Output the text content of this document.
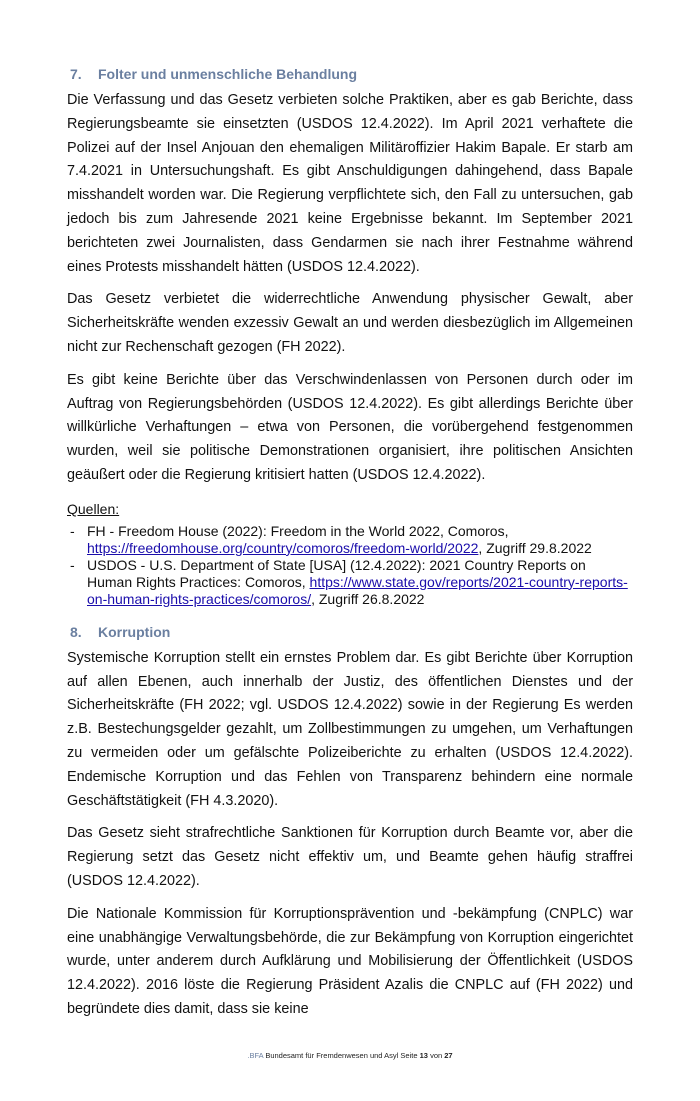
7. Folter und unmenschliche Behandlung

Die Verfassung und das Gesetz verbieten solche Praktiken, aber es gab Berichte, dass Regierungsbeamte sie einsetzten (USDOS 12.4.2022). Im April 2021 verhaftete die Polizei auf der Insel Anjouan den ehemaligen Militäroffizier Hakim Bapale. Er starb am 7.4.2021 in Untersuchungshaft. Es gibt Anschuldigungen dahingehend, dass Bapale misshandelt worden war. Die Regierung verpflichtete sich, den Fall zu untersuchen, gab jedoch bis zum Jahresende 2021 keine Ergebnisse bekannt. Im September 2021 berichteten zwei Journalisten, dass Gendarmen sie nach ihrer Festnahme während eines Protests misshandelt hätten (USDOS 12.4.2022).

Das Gesetz verbietet die widerrechtliche Anwendung physischer Gewalt, aber Sicherheitskräfte wenden exzessiv Gewalt an und werden diesbezüglich im Allgemeinen nicht zur Rechenschaft gezogen (FH 2022).

Es gibt keine Berichte über das Verschwindenlassen von Personen durch oder im Auftrag von Regierungsbehörden (USDOS 12.4.2022). Es gibt allerdings Berichte über willkürliche Verhaftungen – etwa von Personen, die vorübergehend festgenommen wurden, weil sie politische Demonstrationen organisiert, ihre politischen Ansichten geäußert oder die Regierung kritisiert hatten (USDOS 12.4.2022).

Quellen:
- FH - Freedom House (2022): Freedom in the World 2022, Comoros, https://freedomhouse.org/country/comoros/freedom-world/2022, Zugriff 29.8.2022
- USDOS - U.S. Department of State [USA] (12.4.2022): 2021 Country Reports on Human Rights Practices: Comoros, https://www.state.gov/reports/2021-country-reports-on-human-rights-practices/comoros/, Zugriff 26.8.2022
8. Korruption

Systemische Korruption stellt ein ernstes Problem dar. Es gibt Berichte über Korruption auf allen Ebenen, auch innerhalb der Justiz, des öffentlichen Dienstes und der Sicherheitskräfte (FH 2022; vgl. USDOS 12.4.2022) sowie in der Regierung Es werden z.B. Bestechungsgelder gezahlt, um Zollbestimmungen zu umgehen, um Verhaftungen zu vermeiden oder um gefälschte Polizeiberichte zu erhalten (USDOS 12.4.2022). Endemische Korruption und das Fehlen von Transparenz behindern eine normale Geschäftstätigkeit (FH 4.3.2020).

Das Gesetz sieht strafrechtliche Sanktionen für Korruption durch Beamte vor, aber die Regierung setzt das Gesetz nicht effektiv um, und Beamte gehen häufig straffrei (USDOS 12.4.2022).

Die Nationale Kommission für Korruptionsprävention und -bekämpfung (CNPLC) war eine unabhängige Verwaltungsbehörde, die zur Bekämpfung von Korruption eingerichtet wurde, unter anderem durch Aufklärung und Mobilisierung der Öffentlichkeit (USDOS 12.4.2022). 2016 löste die Regierung Präsident Azalis die CNPLC auf (FH 2022) und begründete dies damit, dass sie keine

.BFA Bundesamt für Fremdenwesen und Asyl Seite 13 von 27
